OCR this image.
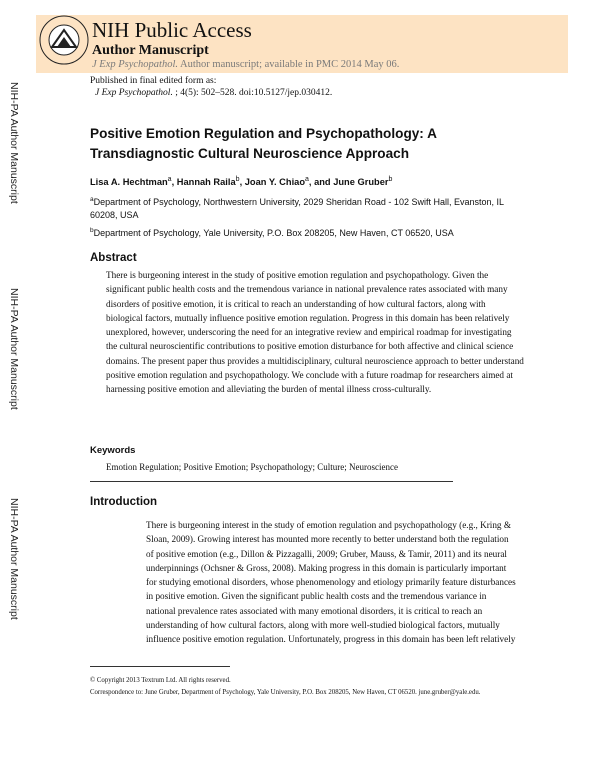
NIH Public Access
Author Manuscript
J Exp Psychopathol. Author manuscript; available in PMC 2014 May 06.
Published in final edited form as:
J Exp Psychopathol. ; 4(5): 502–528. doi:10.5127/jep.030412.
NIH-PA Author Manuscript
NIH-PA Author Manuscript
NIH-PA Author Manuscript
Positive Emotion Regulation and Psychopathology: A Transdiagnostic Cultural Neuroscience Approach
Lisa A. Hechtman$^a$, Hannah Raila$^b$, Joan Y. Chiao$^a$, and June Gruber$^b$
$^a$Department of Psychology, Northwestern University, 2029 Sheridan Road - 102 Swift Hall, Evanston, IL 60208, USA
$^b$Department of Psychology, Yale University, P.O. Box 208205, New Haven, CT 06520, USA
Abstract
There is burgeoning interest in the study of positive emotion regulation and psychopathology. Given the significant public health costs and the tremendous variance in national prevalence rates associated with many disorders of positive emotion, it is critical to reach an understanding of how cultural factors, along with biological factors, mutually influence positive emotion regulation. Progress in this domain has been relatively unexplored, however, underscoring the need for an integrative review and empirical roadmap for investigating the cultural neuroscientific contributions to positive emotion disturbance for both affective and clinical science domains. The present paper thus provides a multidisciplinary, cultural neuroscience approach to better understand positive emotion regulation and psychopathology. We conclude with a future roadmap for researchers aimed at harnessing positive emotion and alleviating the burden of mental illness cross-culturally.
Keywords
Emotion Regulation; Positive Emotion; Psychopathology; Culture; Neuroscience
Introduction
There is burgeoning interest in the study of emotion regulation and psychopathology (e.g., Kring & Sloan, 2009). Growing interest has mounted more recently to better understand both the regulation of positive emotion (e.g., Dillon & Pizzagalli, 2009; Gruber, Mauss, & Tamir, 2011) and its neural underpinnings (Ochsner & Gross, 2008). Making progress in this domain is particularly important for studying emotional disorders, whose phenomenology and etiology primarily feature disturbances in positive emotion. Given the significant public health costs and the tremendous variance in national prevalence rates associated with many emotional disorders, it is critical to reach an understanding of how cultural factors, along with more well-studied biological factors, mutually influence positive emotion regulation. Unfortunately, progress in this domain has been left relatively
© Copyright 2013 Textrum Ltd. All rights reserved.
Correspondence to: June Gruber, Department of Psychology, Yale University, P.O. Box 208205, New Haven, CT 06520. june.gruber@yale.edu.
